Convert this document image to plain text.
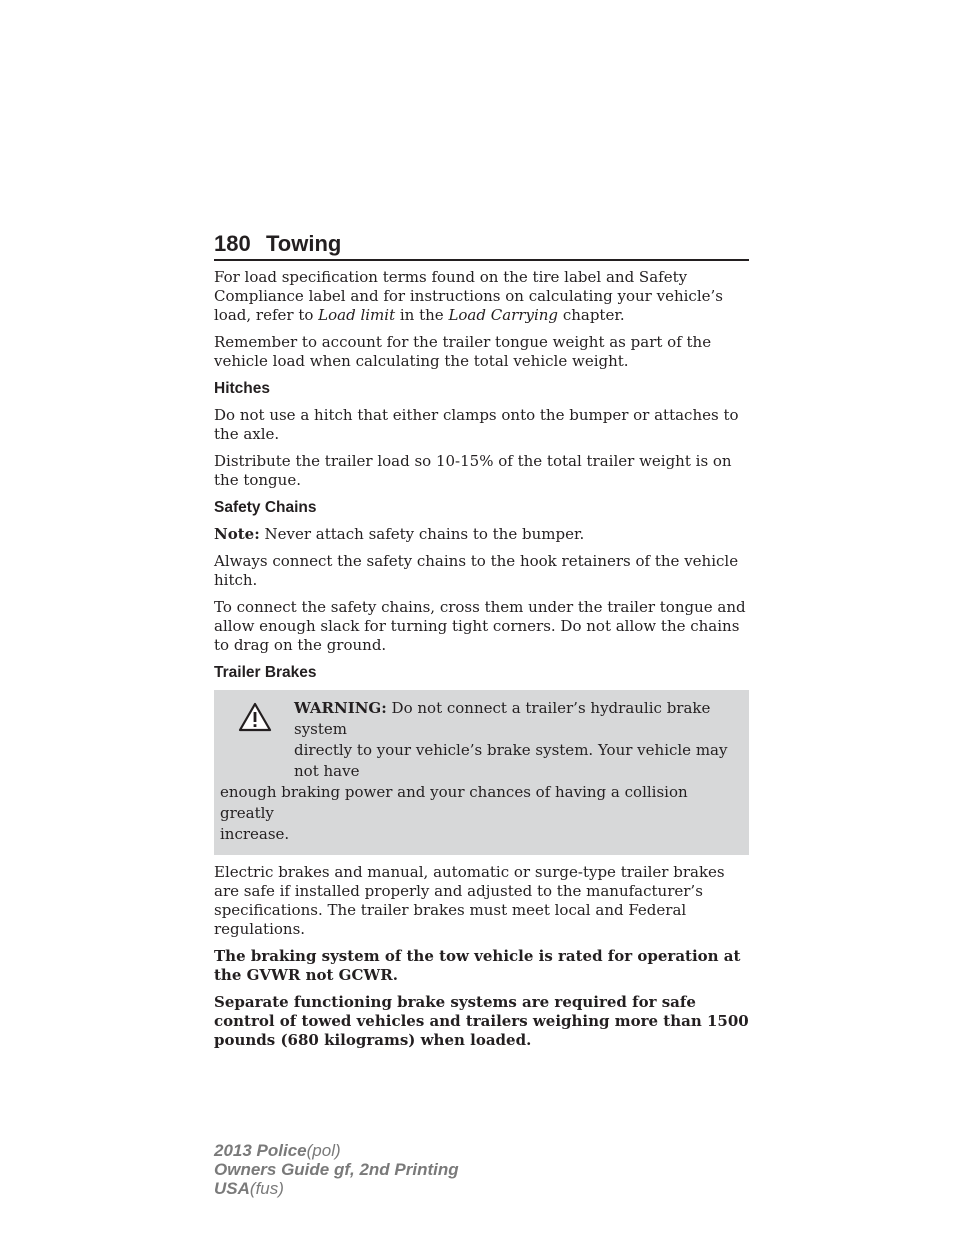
180 Towing

For load specification terms found on the tire label and Safety Compliance label and for instructions on calculating your vehicle’s load, refer to Load limit in the Load Carrying chapter.

Remember to account for the trailer tongue weight as part of the vehicle load when calculating the total vehicle weight.

Hitches

Do not use a hitch that either clamps onto the bumper or attaches to the axle.

Distribute the trailer load so 10-15% of the total trailer weight is on the tongue.

Safety Chains

Note: Never attach safety chains to the bumper.

Always connect the safety chains to the hook retainers of the vehicle hitch.

To connect the safety chains, cross them under the trailer tongue and allow enough slack for turning tight corners. Do not allow the chains to drag on the ground.

Trailer Brakes
WARNING: Do not connect a trailer’s hydraulic brake system
directly to your vehicle’s brake system. Your vehicle may not have
enough braking power and your chances of having a collision greatly
increase.

Electric brakes and manual, automatic or surge-type trailer brakes are safe if installed properly and adjusted to the manufacturer’s specifications. The trailer brakes must meet local and Federal regulations.

The braking system of the tow vehicle is rated for operation at the GVWR not GCWR.

Separate functioning brake systems are required for safe control of towed vehicles and trailers weighing more than 1500 pounds (680 kilograms) when loaded.

2013 Police(pol)
Owners Guide gf, 2nd Printing
USA(fus)
